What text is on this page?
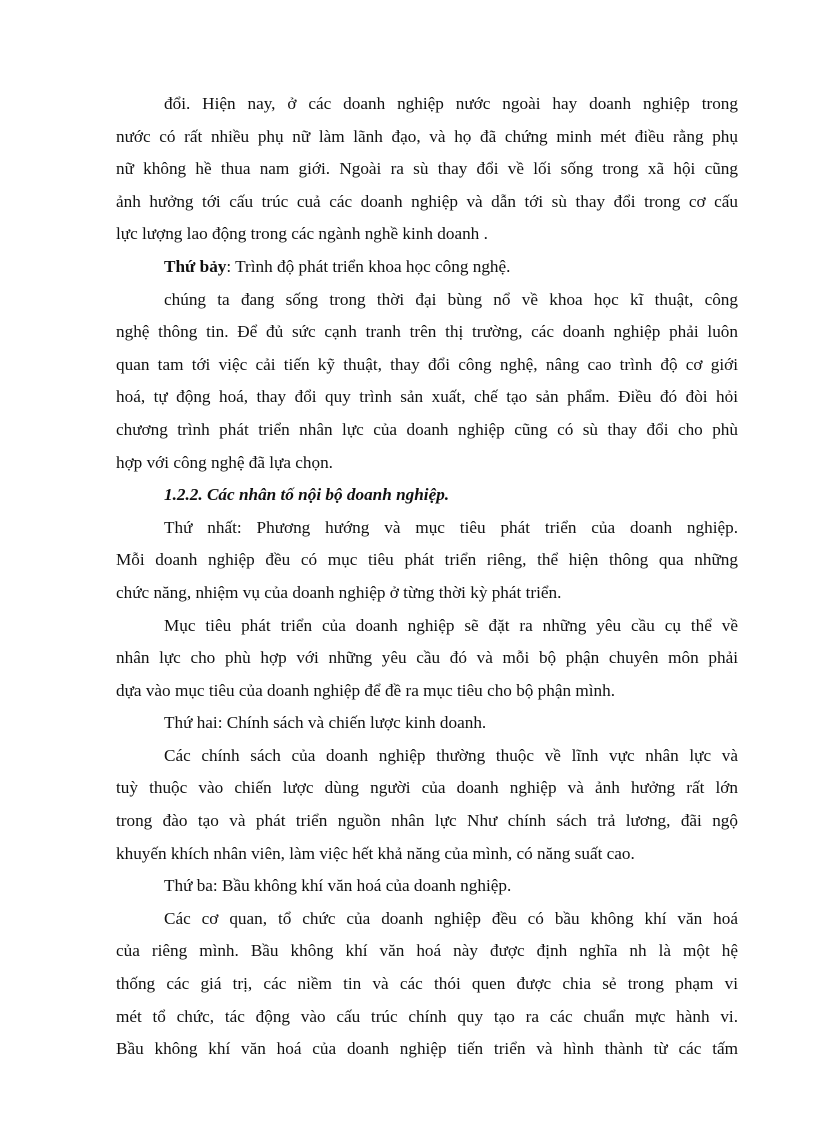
đổi. Hiện nay, ở các doanh nghiệp nước ngoài hay doanh nghiệp trong

nước có rất nhiều phụ nữ làm lãnh đạo, và họ đã chứng minh mét điều rằng phụ

nữ không hề thua nam giới. Ngoài ra sù thay đổi về lối sống trong xã hội cũng

ảnh hưởng tới cấu trúc cuả các doanh nghiệp và dẫn tới sù thay đổi trong cơ cấu

lực lượng lao động trong các ngành nghề kinh doanh .

Thứ bảy: Trình độ phát triển khoa học công nghệ.

chúng ta đang sống trong thời đại bùng nổ về khoa học kĩ thuật, công

nghệ thông tin. Để đủ sức cạnh tranh trên thị trường, các doanh nghiệp phải luôn

quan tam tới việc cải tiến kỹ thuật, thay đổi công nghệ, nâng cao trình độ cơ giới

hoá, tự động hoá, thay đổi quy trình sản xuất, chế tạo sản phẩm. Điều đó đòi hỏi

chương trình phát triển nhân lực của doanh nghiệp cũng có sù thay đổi cho phù

hợp với công nghệ đã lựa chọn.

1.2.2. Các nhân tố nội bộ doanh nghiệp.

Thứ nhất: Phương hướng và mục tiêu phát triển của doanh nghiệp.

Mỗi doanh nghiệp đều có mục tiêu phát triển riêng, thể hiện thông qua những

chức năng, nhiệm vụ của doanh nghiệp ở từng thời kỳ phát triển.

Mục tiêu phát triển của doanh nghiệp sẽ đặt ra những yêu cầu cụ thể về

nhân lực cho phù hợp với những yêu cầu đó và mỗi bộ phận chuyên môn phải

dựa vào mục tiêu của doanh nghiệp để đề ra mục tiêu cho bộ phận mình.

Thứ hai: Chính sách và chiến lược kinh doanh.

Các chính sách của doanh nghiệp thường thuộc về lĩnh vực nhân lực và

tuỳ thuộc vào chiến lược dùng người của doanh nghiệp và ảnh hưởng rất lớn

trong đào tạo và phát triển nguồn nhân lực Như chính sách trả lương, đãi ngộ

khuyến khích nhân viên, làm việc hết khả năng của mình, có năng suất cao.

Thứ ba: Bầu không khí văn hoá của doanh nghiệp.

Các cơ quan, tổ chức của doanh nghiệp đều có bầu không khí văn hoá

của riêng mình. Bầu không khí văn hoá này được định nghĩa nh là một hệ

thống các giá trị, các niềm tin và các thói quen được chia sẻ trong phạm vi

mét tổ chức, tác động vào cấu trúc chính quy tạo ra các chuẩn mực hành vi.

Bầu không khí văn hoá của doanh nghiệp tiến triển và hình thành từ các tấm
